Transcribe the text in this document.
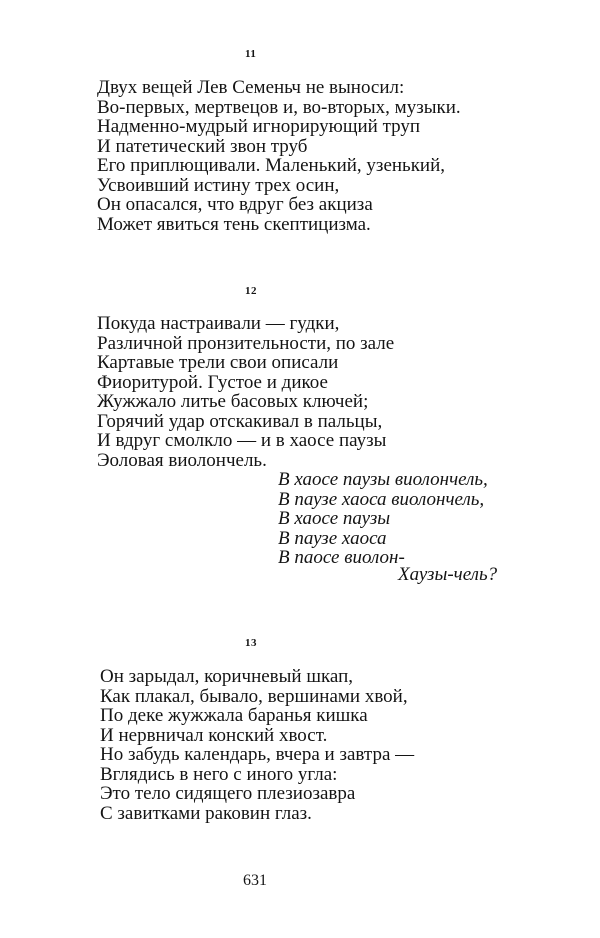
11
Двух вещей Лев Семеньч не выносил:
Во-первых, мертвецов и, во-вторых, музыки.
Надменно-мудрый игнорирующий труп
И патетический звон труб
Его приплющивали. Маленький, узенький,
Усвоивший истину трех осин,
Он опасался, что вдруг без акциза
Может явиться тень скептицизма.
12
Покуда настраивали — гудки,
Различной пронзительности, по зале
Картавые трели свои описали
Фиоритурой. Густое и дикое
Жужжало литье басовых ключей;
Горячий удар отскакивал в пальцы,
И вдруг смолкло — и в хаосе паузы
Эоловая виолончель.
В хаосе паузы виолончель,
В паузе хаоса виолончель,
В хаосе паузы
В паузе хаоса
В паосе виолон-
Хаузы-чель?
13
Он зарыдал, коричневый шкап,
Как плакал, бывало, вершинами хвой,
По деке жужжала баранья кишка
И нервничал конский хвост.
Но забудь календарь, вчера и завтра —
Вглядись в него с иного угла:
Это тело сидящего плезиозавра
С завитками раковин глаз.
631
